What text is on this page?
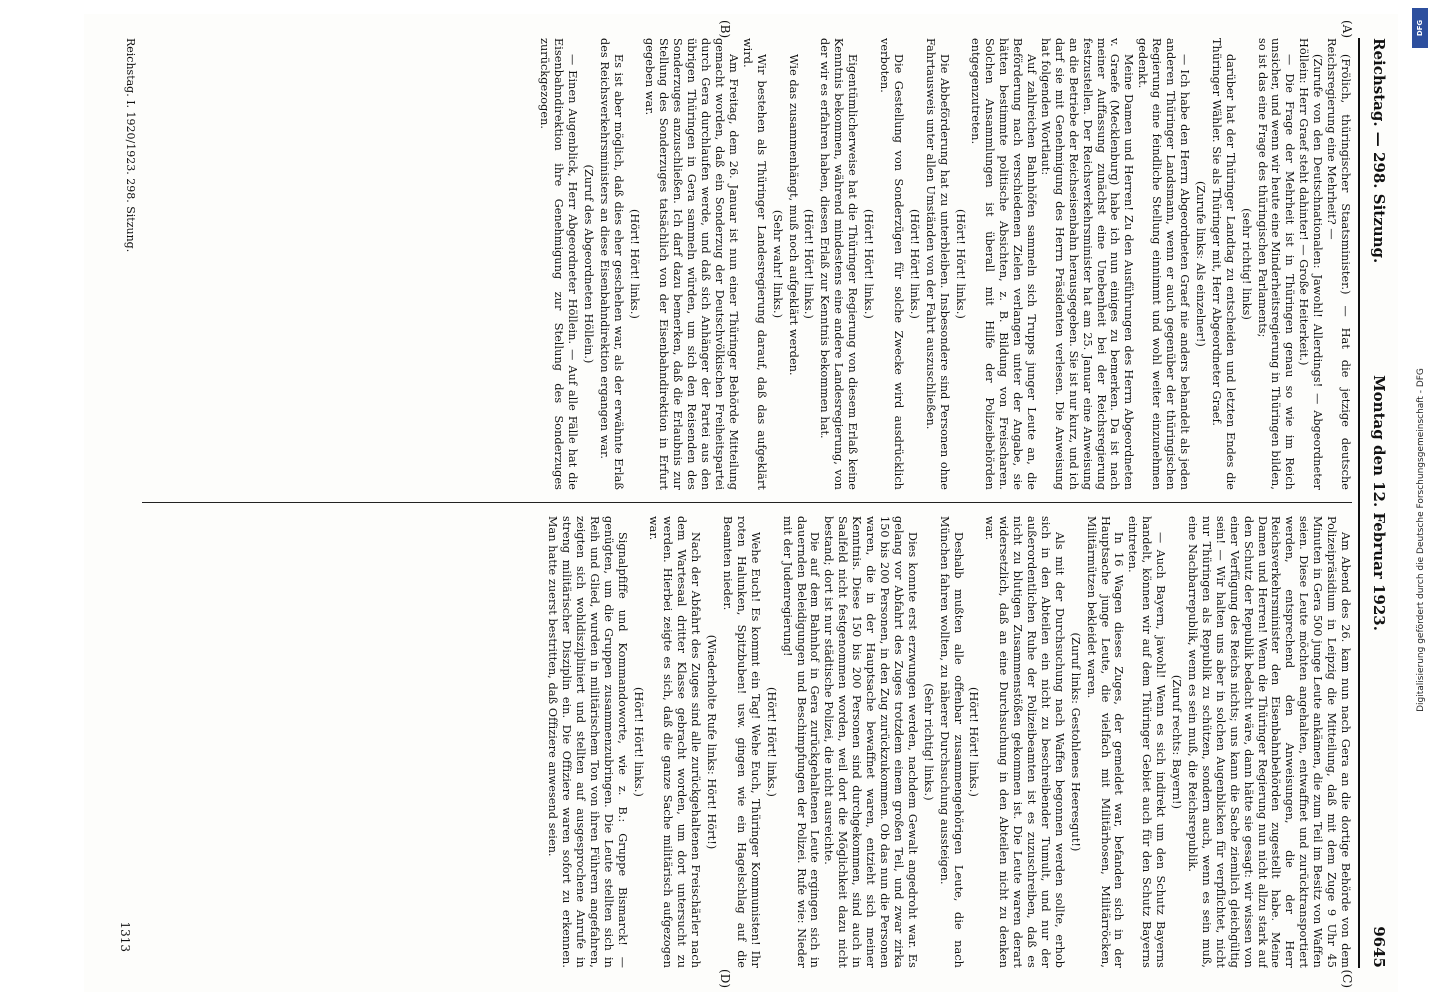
Reichstag. — 298. Sitzung.
Montag den 12. Februar 1923.
9645
(A)
(B)
(C)
(D)

(Frölich, thüringischer Staatsminister.) — Hat die jetzige deutsche Reichsregierung eine Mehrheit? —

(Zurufe von den Deutschnationalen: Jawohl! Allerdings! — Abgeordneter Höllein: Herr Graef steht dahinter! — Große Heiterkeit.)

— Die Frage der Mehrheit ist in Thüringen genau so wie im Reich unsicher, und wenn wir heute eine Minderheitsregierung in Thüringen bilden, so ist das eine Frage des thüringischen Parlaments;

(sehr richtig! links)

darüber hat der Thüringer Landtag zu entscheiden und letzten Endes die Thüringer Wähler. Sie als Thüringer mit, Herr Abgeordneter Graef.

(Zurufe links: Als einzelner!)

— Ich habe den Herrn Abgeordneten Graef nie anders behandelt als jeden anderen Thüringer Landsmann, wenn er auch gegenüber der thüringischen Regierung eine feindliche Stellung einnimmt und wohl weiter einzunehmen gedenkt.

Meine Damen und Herren! Zu den Ausführungen des Herrn Abgeordneten v. Graefe (Mecklenburg) habe ich nun einiges zu bemerken. Da ist nach meiner Auffassung zunächst eine Unebenheit bei der Reichsregierung festzustellen. Der Reichsverkehrsminister hat am 25. Januar eine Anweisung an die Betriebe der Reichseisenbahn herausgegeben. Sie ist nur kurz, und ich darf sie mit Genehmigung des Herrn Präsidenten verlesen. Die Anweisung hat folgenden Wortlaut:

Auf zahlreichen Bahnhöfen sammeln sich Trupps junger Leute an, die Beförderung nach verschiedenen Zielen verlangen unter der Angabe, sie hätten bestimmte politische Absichten, z. B. Bildung von Freischaren. Solchen Ansammlungen ist überall mit Hilfe der Polizeibehörden entgegenzutreten.

(Hört! Hört! links.)

Die Abbeförderung hat zu unterbleiben. Insbesondere sind Personen ohne Fahrtausweis unter allen Umständen von der Fahrt auszuschließen.

(Hört! Hört! links.)

Die Gestellung von Sonderzügen für solche Zwecke wird ausdrücklich verboten.

(Hört! Hört! links.)

Eigentümlicherweise hat die Thüringer Regierung von diesem Erlaß keine Kenntnis bekommen, während mindestens eine andere Landesregierung, von der wir es erfahren haben, diesen Erlaß zur Kenntnis bekommen hat.

(Hört! Hört! links.)

Wie das zusammenhängt, muß noch aufgeklärt werden.

(Sehr wahr! links.)

Wir bestehen als Thüringer Landesregierung darauf, daß das aufgeklärt wird.

Am Freitag, dem 26. Januar ist nun einer Thüringer Behörde Mitteilung gemacht worden, daß ein Sonderzug der Deutschvölkischen Freiheitspartei durch Gera durchlaufen werde, und daß sich Anhänger der Partei aus den übrigen Thüringen in Gera sammeln würden, um sich den Reisenden des Sonderzuges anzuschließen. Ich darf dazu bemerken, daß die Erlaubnis zur Stellung des Sonderzuges tatsächlich von der Eisenbahndirektion in Erfurt gegeben war.

(Hört! Hört! links.)

Es ist aber möglich, daß dies eher geschehen war, als der erwähnte Erlaß des Reichsverkehrsministers an diese Eisenbahndirektion ergangen war.

(Zuruf des Abgeordneten Höllein.)

— Einen Augenblick, Herr Abgeordneter Höllein. — Auf alle Fälle hat die Eisenbahndirektion ihre Genehmigung zur Stellung des Sonderzuges zurückgezogen.

Am Abend des 26. kam nun nach Gera an die dortige Behörde von dem Polizeipräsidium in Leipzig die Mitteilung, daß mit dem Zuge 9 Uhr 45 Minuten in Gera 500 junge Leute ankämen, die zum Teil im Besitz von Waffen seien. Diese Leute möchten angehalten, entwaffnet und zurücktransportiert werden, entsprechend den Anweisungen, die der Herr Reichsverkehrsminister den Eisenbahnbehörden zugestellt habe. Meine Damen und Herren! Wenn die Thüringer Regierung nun nicht allzu stark auf den Schutz der Republik bedacht wäre, dann hätte sie gesagt: wir wissen von einer Verfügung des Reichs nichts; uns kann die Sache ziemlich gleichgültig sein! — Wir halten uns aber in solchen Augenblicken für verpflichtet, nicht nur Thüringen als Republik zu schützen, sondern auch, wenn es sein muß, eine Nachbarrepublik, wenn es sein muß, die Reichsrepublik.

(Zuruf rechts: Bayern!)

— Auch Bayern, jawohl! Wenn es sich indirekt um den Schutz Bayerns handelt, können wir auf dem Thüringer Gebiet auch für den Schutz Bayerns eintreten.

In 16 Wagen dieses Zuges, der gemeldet war, befanden sich in der Hauptsache junge Leute, die vielfach mit Militärhosen, Militärröcken, Militärmützen bekleidet waren.

(Zuruf links: Gestohlenes Heeresgut!)

Als mit der Durchsuchung nach Waffen begonnen werden sollte, erhob sich in den Abteilen ein nicht zu beschreibender Tumult, und nur der außerordentlichen Ruhe der Polizeibeamten ist es zuzuschreiben, daß es nicht zu blutigen Zusammenstößen gekommen ist. Die Leute waren derart widersetzlich, daß an eine Durchsuchung in den Abteilen nicht zu denken war.

(Hört! Hört! links.)

Deshalb mußten alle offenbar zusammengehörigen Leute, die nach München fahren wollten, zu näherer Durchsuchung aussteigen.

(Sehr richtig! links.)

Dies konnte erst erzwungen werden, nachdem Gewalt angedroht war. Es gelang vor Abfahrt des Zuges trotzdem einem großen Teil, und zwar zirka 150 bis 200 Personen, in den Zug zurückzukommen. Ob das nun die Personen waren, die in der Hauptsache bewaffnet waren, entzieht sich meiner Kenntnis. Diese 150 bis 200 Personen sind durchgekommen, sind auch in Saalfeld nicht festgenommen worden, weil dort die Möglichkeit dazu nicht bestand; dort ist nur städtische Polizei, die nicht ausreichte.

Die auf dem Bahnhof in Gera zurückgehaltenen Leute ergingen sich in dauernden Beleidigungen und Beschimpfungen der Polizei. Rufe wie: Nieder mit der Judenregierung!

(Hört! Hört! links.)

Wehe Euch! Es kommt ein Tag! Wehe Euch, Thüringer Kommunisten! Ihr roten Halunken, Spitzbuben! usw. gingen wie ein Hagelschlag auf die Beamten nieder.

(Wiederholte Rufe links: Hört! Hört!)

Nach der Abfahrt des Zuges sind alle zurückgehaltenen Freischärler nach dem Wartesaal dritter Klasse gebracht worden, um dort untersucht zu werden. Hierbei zeigte es sich, daß die ganze Sache militärisch aufgezogen war.

(Hört! Hört! links.)

Signalpfiffe und Kommandoworte, wie z. B.: Gruppe Bismarck! — genügten, um die Gruppen zusammenzubringen. Die Leute stellten sich in Reih und Glied, wurden in militärischem Ton von ihren Führern angefahren, zeigten sich wohldiszipliniert und stellten auf ausgesprochene Anrufe in streng militärischer Disziplin ein. Die Offiziere waren sofort zu erkennen. Man hatte zuerst bestritten, daß Offiziere anwesend seien.

Reichstag. I. 1920/1923. 298. Sitzung.
1313
DFG
Digitalisierung gefördert durch die Deutsche Forschungsgemeinschaft - DFG
